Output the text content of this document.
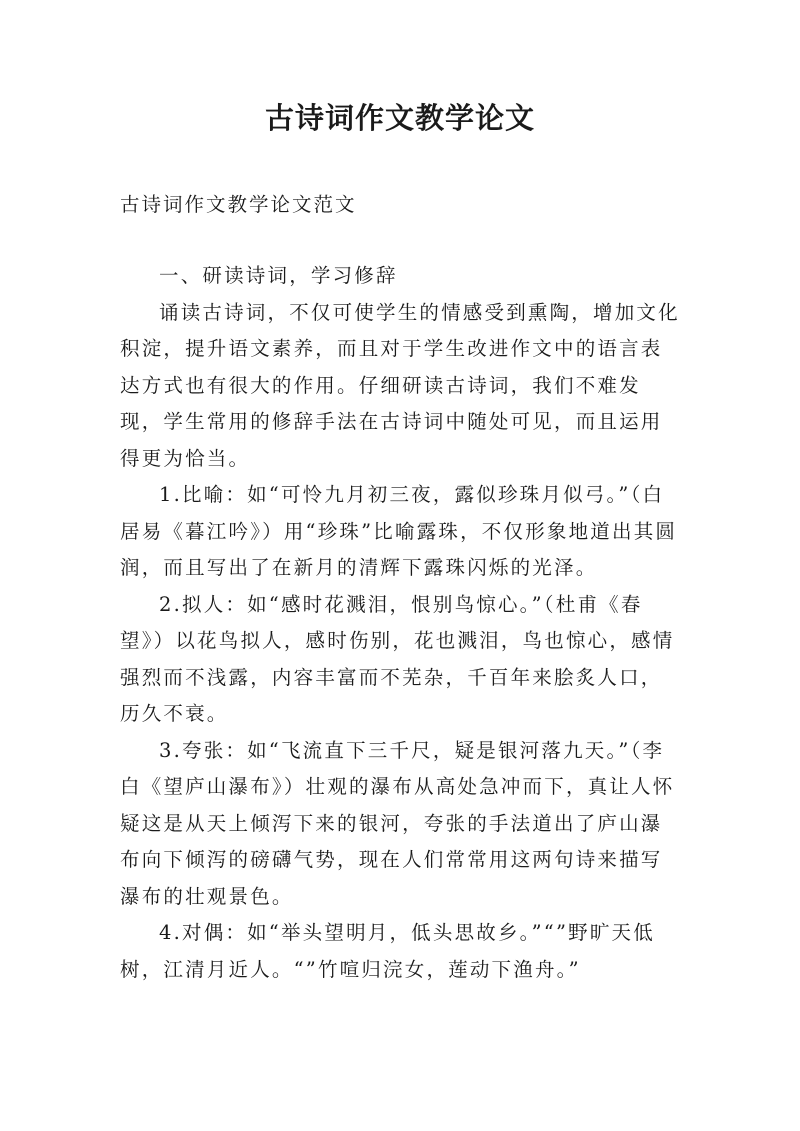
古诗词作文教学论文
古诗词作文教学论文范文

一、研读诗词，学习修辞

诵读古诗词，不仅可使学生的情感受到熏陶，增加文化积淀，提升语文素养，而且对于学生改进作文中的语言表达方式也有很大的作用。仔细研读古诗词，我们不难发现，学生常用的修辞手法在古诗词中随处可见，而且运用得更为恰当。

1.比喻：如“可怜九月初三夜，露似珍珠月似弓。”（白居易《暮江吟》）用“珍珠”比喻露珠，不仅形象地道出其圆润，而且写出了在新月的清辉下露珠闪烁的光泽。

2.拟人：如“感时花溅泪，恨别鸟惊心。”（杜甫《春望》）以花鸟拟人，感时伤别，花也溅泪，鸟也惊心，感情强烈而不浅露，内容丰富而不芜杂，千百年来脍炙人口，历久不衰。

3.夸张：如“飞流直下三千尺，疑是银河落九天。”（李白《望庐山瀑布》）壮观的瀑布从高处急冲而下，真让人怀疑这是从天上倾泻下来的银河，夸张的手法道出了庐山瀑布向下倾泻的磅礴气势，现在人们常常用这两句诗来描写瀑布的壮观景色。

4.对偶：如“举头望明月，低头思故乡。”“”野旷天低树，江清月近人。“”竹喧归浣女，莲动下渔舟。”
